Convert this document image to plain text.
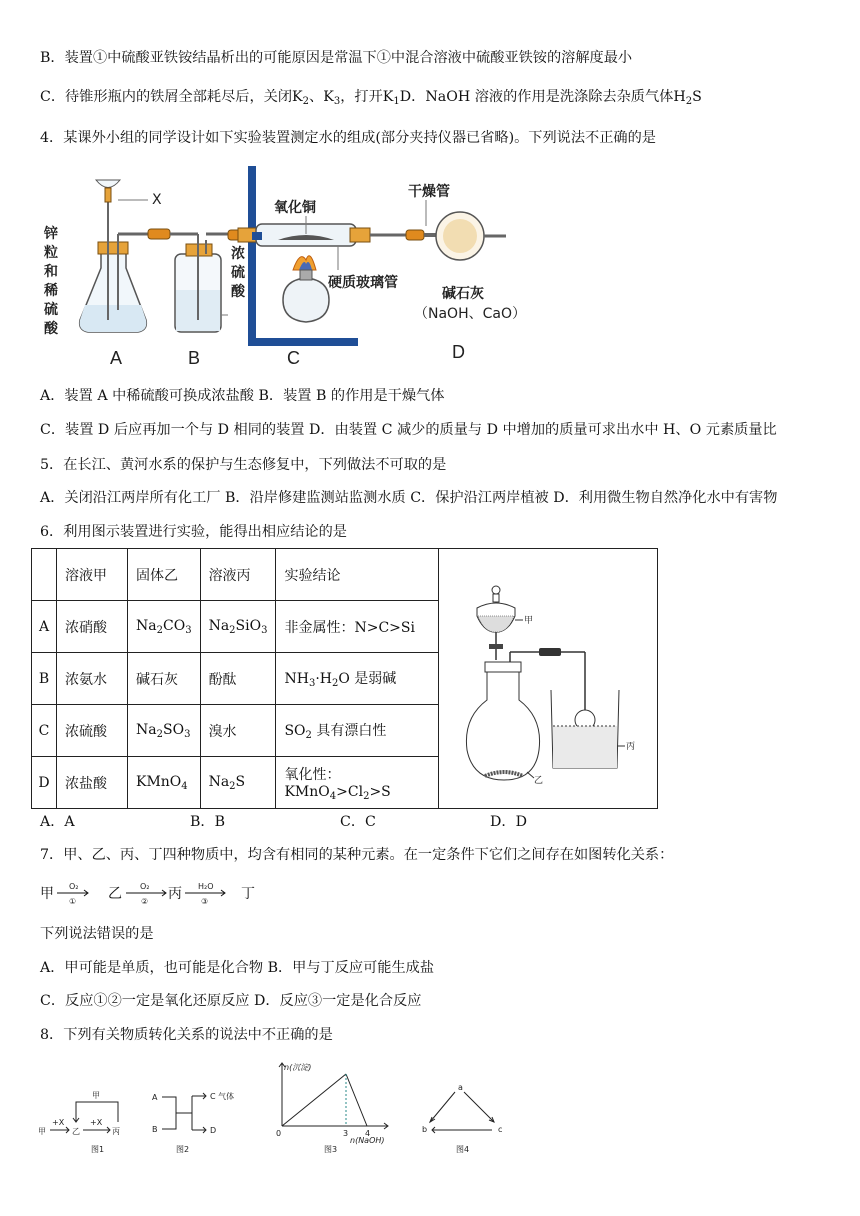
B．装置①中硫酸亚铁铵结晶析出的可能原因是常温下①中混合溶液中硫酸亚铁铵的溶解度最小
C．待锥形瓶内的铁屑全部耗尽后，关闭$K_2$、$K_3$，打开$K_1D$．NaOH 溶液的作用是洗涤除去杂质气体$H_2S$
4．某课外小组的同学设计如下实验装置测定水的组成(部分夹持仪器已省略)。下列说法不正确的是
X
锌
粒
和
稀
硫
酸
浓
硫
酸
氧化铜
硬质玻璃管
干燥管
碱石灰
（NaOH、CaO）
A	B	C	D
A．装置 A 中稀硫酸可换成浓盐酸 B．装置 B 的作用是干燥气体
C．装置 D 后应再加一个与 D 相同的装置 D．由装置 C 减少的质量与 D 中增加的质量可求出水中 H、O 元素质量比
5．在长江、黄河水系的保护与生态修复中，下列做法不可取的是
A．关闭沿江两岸所有化工厂 B．沿岸修建监测站监测水质 C．保护沿江两岸植被 D．利用微生物自然净化水中有害物
6．利用图示装置进行实验，能得出相应结论的是
	溶液甲	固体乙	溶液丙	实验结论	甲
乙
丙

A	浓硝酸	$Na_2CO_3$	$Na_2SiO_3$	非金属性：N>C>Si	
B	浓氨水	碱石灰	酚酞	$NH_3\cdot H_2O$ 是弱碱	
C	浓硫酸	$Na_2SO_3$	溴水	$SO_2$ 具有漂白性	
D	浓盐酸	KMnO$_4$	$Na_2S$	氧化性：$KMnO_4>Cl_2>S$	
A．A	B．B	C．C	D．D
7．甲、乙、丙、丁四种物质中，均含有相同的某种元素。在一定条件下它们之间存在如图转化关系：
甲 O₂
① 乙 O₂
② 丙 H₂O
③ 丁
下列说法错误的是
A．甲可能是单质，也可能是化合物 B．甲与丁反应可能生成盐
C．反应①②一定是氧化还原反应 D．反应③一定是化合反应
8．下列有关物质转化关系的说法中不正确的是
甲
甲
+X
乙
+X
丙
图1
A
B
C 气体
D
图2
n(沉淀)
0	3 4
n(NaOH)
图3
a
b	c
图4
